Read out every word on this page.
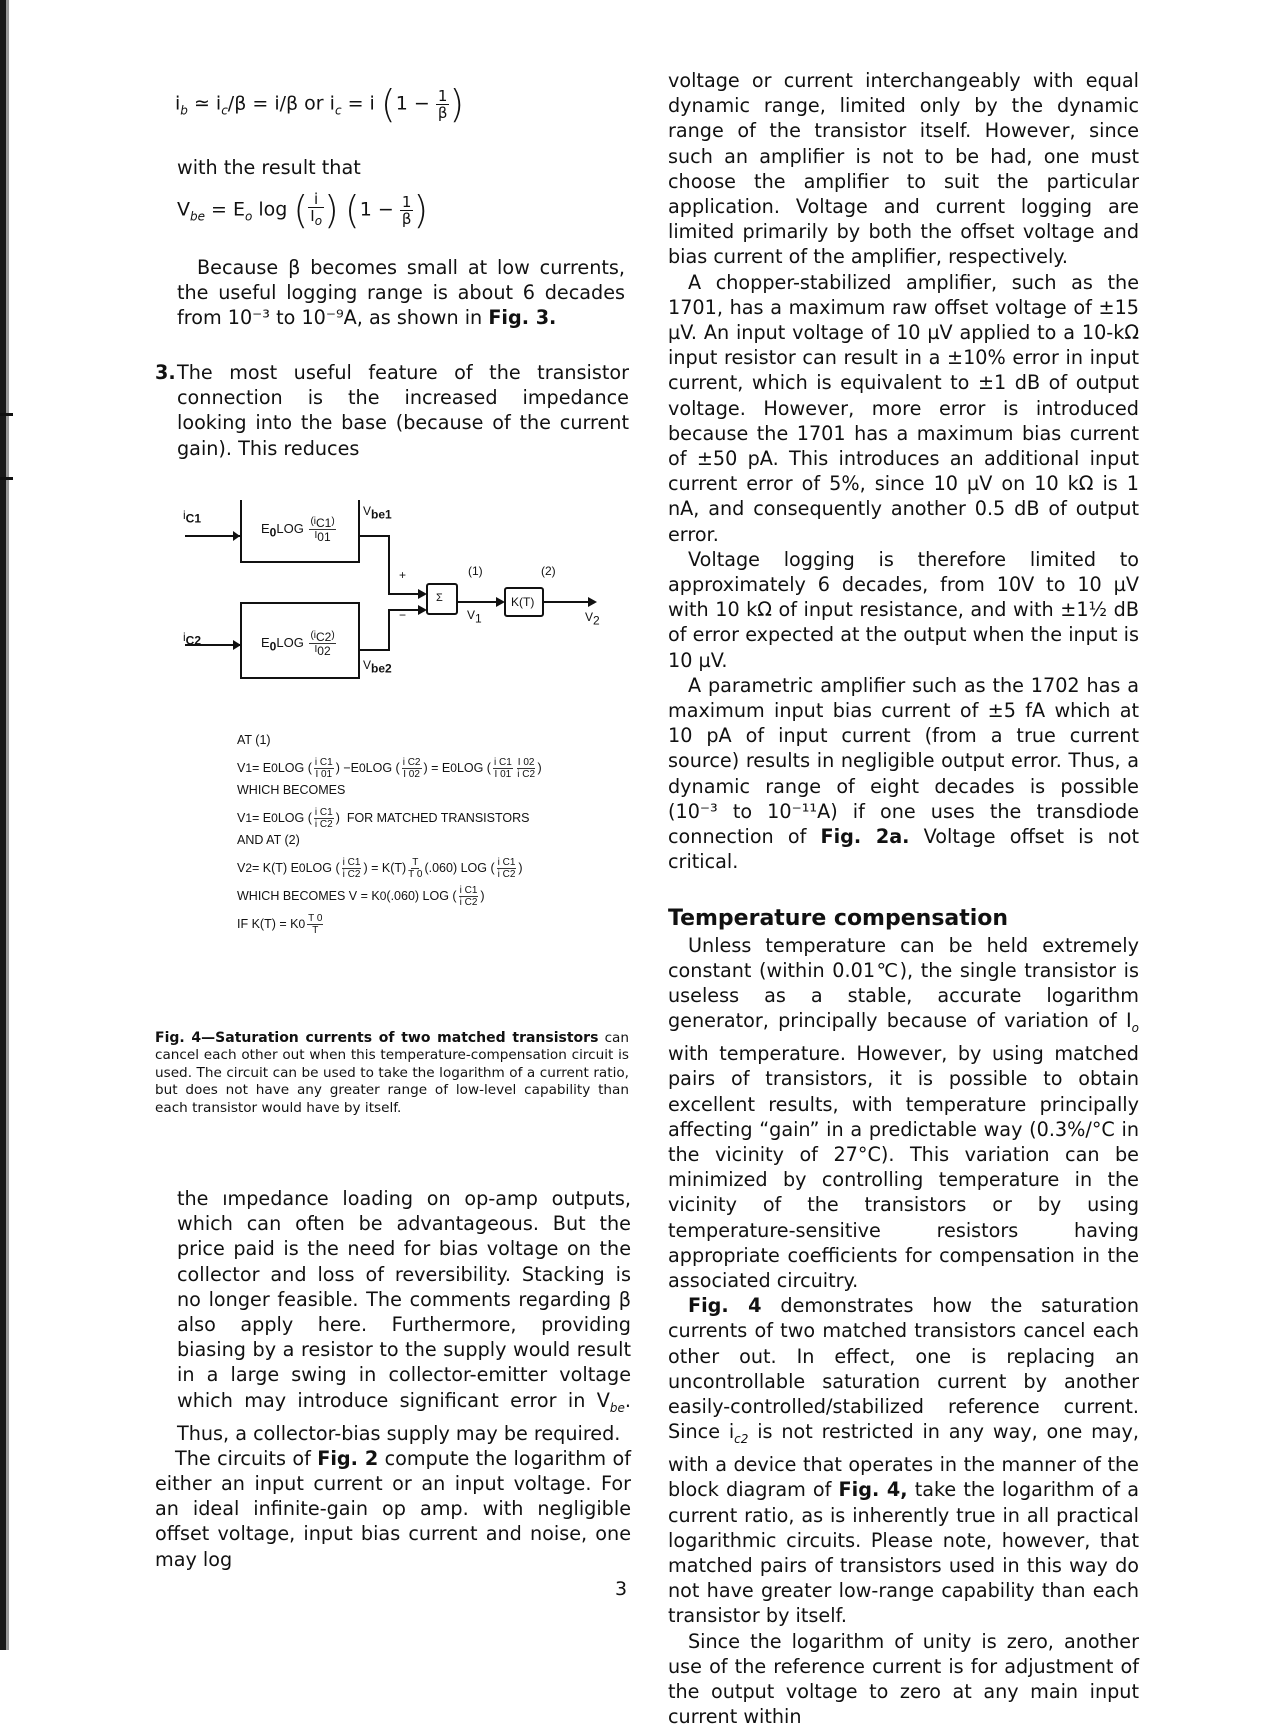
$i_b$ ≃ $i_c/\beta = i/\beta$ or $i_c = i$ ($1 - \frac{1}{\beta}$ )

with the result that

$V_{be} = E_o$ log ( $\frac{i}{I_o}$ ) ($1 - \frac{1}{\beta}$ )

Because β becomes small at low currents, the useful logging range is about 6 decades from 10⁻³ to 10⁻⁹A, as shown in Fig. 3.

3. The most useful feature of the transistor connection is the increased impedance looking into the base (because of the current gain). This reduces

$i_{C1}$
$i_{C2}$
$E_0LOG \frac{(i_{C1})}{I_{01}}$
$E_0LOG \frac{(i_{C2})}{I_{02}}$
$V_{be1}$
$V_{be2}$
+
−
Σ
(1)	(2)
$V_1$	$V_2$
K(T)
AT (1)
V 1 = E 0 LOG ( i C1
I 01 ) −E 0 LOG ( i C2
I 02 ) = E 0 LOG ( i C1
I 01
I 02
i C2 )
WHICH BECOMES
V 1 = E 0 LOG ( i C1
i C2 )
FOR MATCHED TRANSISTORS
AND AT (2)
V 2 = K(T) E 0 LOG ( i C1
i C2 ) = K(T) T
T 0 (.060) LOG ( i C1
i C2 )
WHICH BECOMES V = K 0 (.060) LOG ( i C1
i C2 )
IF K(T) = K 0 T 0
T
Fig. 4—Saturation currents of two matched transistors can cancel each other out when this temperature-compensation circuit is used. The circuit can be used to take the logarithm of a current ratio, but does not have any greater range of low-level capability than each transistor would have by itself.

the ımpedance loading on op-amp outputs, which can often be advantageous. But the price paid is the need for bias voltage on the collector and loss of reversibility. Stacking is no longer feasible. The comments regarding β also apply here. Furthermore, providing biasing by a resistor to the supply would result in a large swing in collector-emitter voltage which may introduce significant error in $V_{be}$. Thus, a collector-bias supply may be required.

The circuits of Fig. 2 compute the logarithm of either an input current or an input voltage. For an ideal infinite-gain op amp. with negligible offset voltage, input bias current and noise, one may log

voltage or current interchangeably with equal dynamic range, limited only by the dynamic range of the transistor itself. However, since such an amplifier is not to be had, one must choose the amplifier to suit the particular application. Voltage and current logging are limited primarily by both the offset voltage and bias current of the amplifier, respectively.

A chopper-stabilized amplifier, such as the 1701, has a maximum raw offset voltage of ±15 µV. An input voltage of 10 µV applied to a 10-kΩ input resistor can result in a ±10% error in input current, which is equivalent to ±1 dB of output voltage. However, more error is introduced because the 1701 has a maximum bias current of ±50 pA. This introduces an additional input current error of 5%, since 10 µV on 10 kΩ is 1 nA, and consequently another 0.5 dB of output error.

Voltage logging is therefore limited to approximately 6 decades, from 10V to 10 µV with 10 kΩ of input resistance, and with ±1½ dB of error expected at the output when the input is 10 µV.

A parametric amplifier such as the 1702 has a maximum input bias current of ±5 fA which at 10 pA of input current (from a true current source) results in negligible output error. Thus, a dynamic range of eight decades is possible (10⁻³ to 10⁻¹¹A) if one uses the transdiode connection of Fig. 2a. Voltage offset is not critical.

Temperature compensation

Unless temperature can be held extremely constant (within 0.01℃), the single transistor is useless as a stable, accurate logarithm generator, principally because of variation of $I_o$ with temperature. However, by using matched pairs of transistors, it is possible to obtain excellent results, with temperature principally affecting “gain” in a predictable way (0.3%/°C in the vicinity of 27°C). This variation can be minimized by controlling temperature in the vicinity of the transistors or by using temperature-sensitive resistors having appropriate coefficients for compensation in the associated circuitry.

Fig. 4 demonstrates how the saturation currents of two matched transistors cancel each other out. In effect, one is replacing an uncontrollable saturation current by another easily-controlled/stabilized reference current. Since $i_{c2}$ is not restricted in any way, one may, with a device that operates in the manner of the block diagram of Fig. 4, take the logarithm of a current ratio, as is inherently true in all practical logarithmic circuits. Please note, however, that matched pairs of transistors used in this way do not have greater low-range capability than each transistor by itself.

Since the logarithm of unity is zero, another use of the reference current is for adjustment of the output voltage to zero at any main input current within

3
